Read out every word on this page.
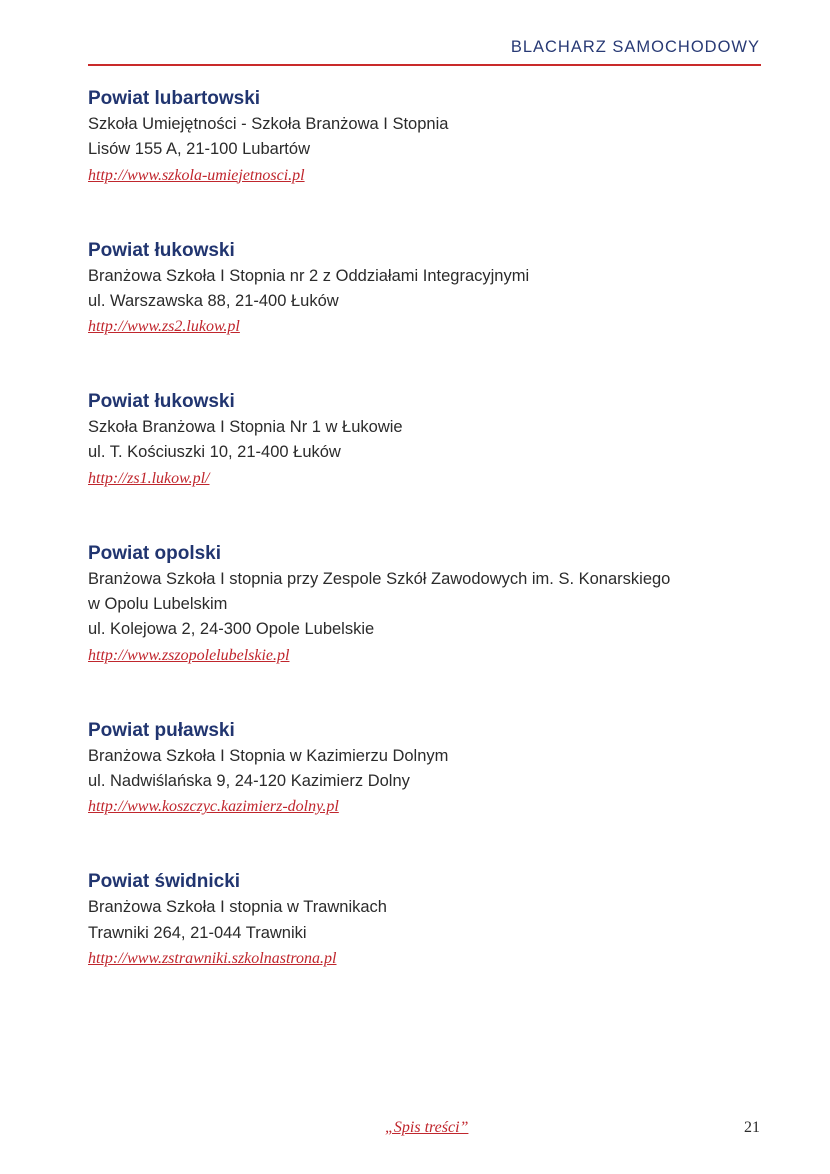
BLACHARZ SAMOCHODOWY
Powiat lubartowski
Szkoła Umiejętności - Szkoła Branżowa I Stopnia
Lisów 155 A, 21-100 Lubartów
http://www.szkola-umiejetnosci.pl
Powiat łukowski
Branżowa Szkoła I Stopnia nr 2 z Oddziałami Integracyjnymi
ul. Warszawska 88, 21-400 Łuków
http://www.zs2.lukow.pl
Powiat łukowski
Szkoła Branżowa I Stopnia Nr 1 w Łukowie
ul. T. Kościuszki 10, 21-400 Łuków
http://zs1.lukow.pl/
Powiat opolski
Branżowa Szkoła I stopnia przy Zespole Szkół Zawodowych im. S. Konarskiego
w Opolu Lubelskim
ul. Kolejowa 2, 24-300 Opole Lubelskie
http://www.zszopolelubelskie.pl
Powiat puławski
Branżowa Szkoła I Stopnia w Kazimierzu Dolnym
ul. Nadwiślańska 9, 24-120 Kazimierz Dolny
http://www.koszczyc.kazimierz-dolny.pl
Powiat świdnicki
Branżowa Szkoła I stopnia w Trawnikach
Trawniki 264, 21-044 Trawniki
http://www.zstrawniki.szkolnastrona.pl
„Spis treści”	21
